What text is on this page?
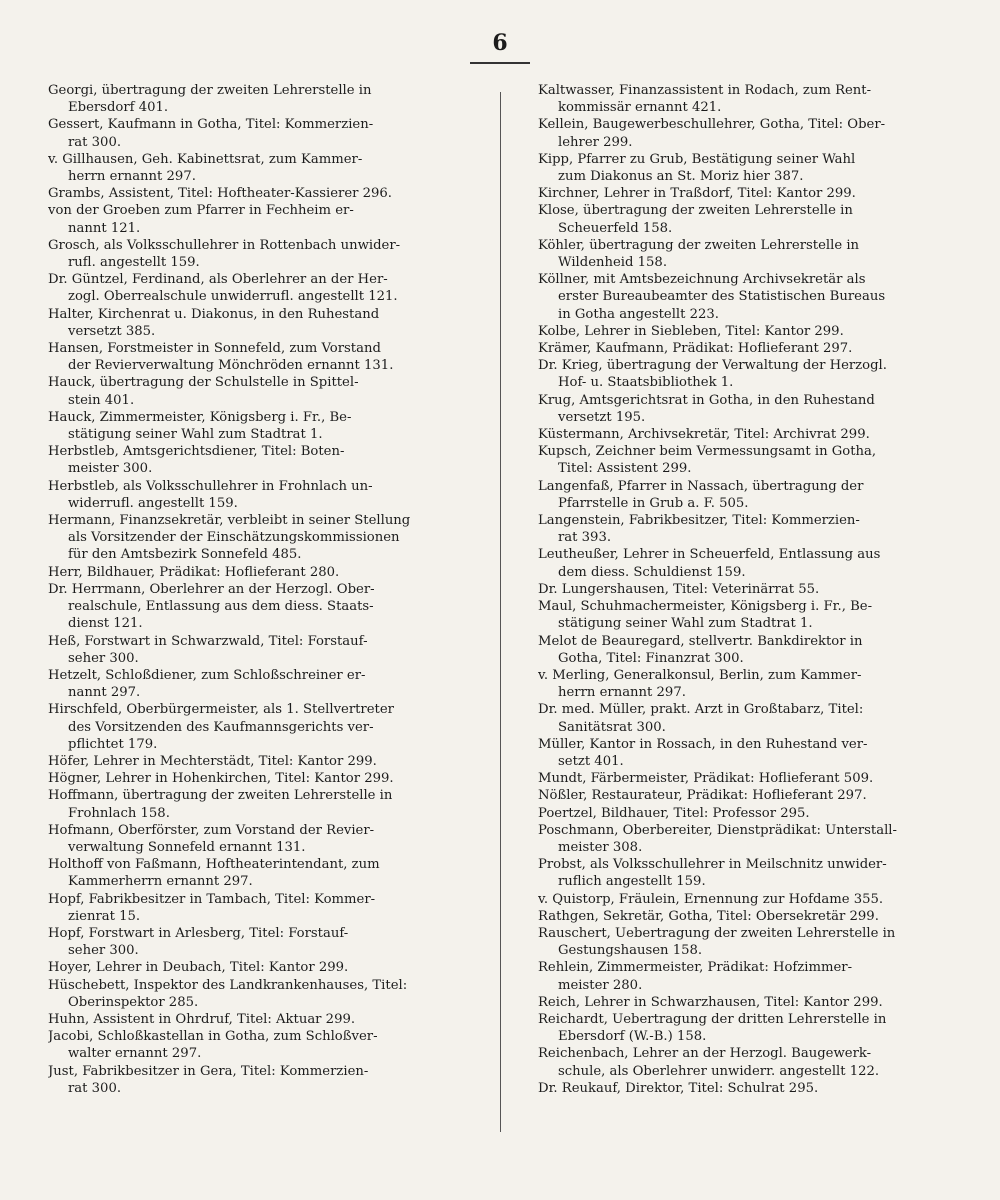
6
Georgi, übertragung der zweiten Lehrerstelle in
Ebersdorf 401.
Gessert, Kaufmann in Gotha, Titel: Kommerzien-
rat 300.
v. Gillhausen, Geh. Kabinettsrat, zum Kammer-
herrn ernannt 297.
Grambs, Assistent, Titel: Hoftheater-Kassierer 296.
von der Groeben zum Pfarrer in Fechheim er-
nannt 121.
Grosch, als Volksschullehrer in Rottenbach unwider-
rufl. angestellt 159.
Dr. Güntzel, Ferdinand, als Oberlehrer an der Her-
zogl. Oberrealschule unwiderrufl. angestellt 121.
Halter, Kirchenrat u. Diakonus, in den Ruhestand
versetzt 385.
Hansen, Forstmeister in Sonnefeld, zum Vorstand
der Revierverwaltung Mönchröden ernannt 131.
Hauck, übertragung der Schulstelle in Spittel-
stein 401.
Hauck, Zimmermeister, Königsberg i. Fr., Be-
stätigung seiner Wahl zum Stadtrat 1.
Herbstleb, Amtsgerichtsdiener, Titel: Boten-
meister 300.
Herbstleb, als Volksschullehrer in Frohnlach un-
widerrufl. angestellt 159.
Hermann, Finanzsekretär, verbleibt in seiner Stellung
als Vorsitzender der Einschätzungskommissionen
für den Amtsbezirk Sonnefeld 485.
Herr, Bildhauer, Prädikat: Hoflieferant 280.
Dr. Herrmann, Oberlehrer an der Herzogl. Ober-
realschule, Entlassung aus dem diess. Staats-
dienst 121.
Heß, Forstwart in Schwarzwald, Titel: Forstauf-
seher 300.
Hetzelt, Schloßdiener, zum Schloßschreiner er-
nannt 297.
Hirschfeld, Oberbürgermeister, als 1. Stellvertreter
des Vorsitzenden des Kaufmannsgerichts ver-
pflichtet 179.
Höfer, Lehrer in Mechterstädt, Titel: Kantor 299.
Högner, Lehrer in Hohenkirchen, Titel: Kantor 299.
Hoffmann, übertragung der zweiten Lehrerstelle in
Frohnlach 158.
Hofmann, Oberförster, zum Vorstand der Revier-
verwaltung Sonnefeld ernannt 131.
Holthoff von Faßmann, Hoftheaterintendant, zum
Kammerherrn ernannt 297.
Hopf, Fabrikbesitzer in Tambach, Titel: Kommer-
zienrat 15.
Hopf, Forstwart in Arlesberg, Titel: Forstauf-
seher 300.
Hoyer, Lehrer in Deubach, Titel: Kantor 299.
Hüschebett, Inspektor des Landkrankenhauses, Titel:
Oberinspektor 285.
Huhn, Assistent in Ohrdruf, Titel: Aktuar 299.
Jacobi, Schloßkastellan in Gotha, zum Schloßver-
walter ernannt 297.
Just, Fabrikbesitzer in Gera, Titel: Kommerzien-
rat 300.
Kaltwasser, Finanzassistent in Rodach, zum Rent-
kommissär ernannt 421.
Kellein, Baugewerbeschullehrer, Gotha, Titel: Ober-
lehrer 299.
Kipp, Pfarrer zu Grub, Bestätigung seiner Wahl
zum Diakonus an St. Moriz hier 387.
Kirchner, Lehrer in Traßdorf, Titel: Kantor 299.
Klose, übertragung der zweiten Lehrerstelle in
Scheuerfeld 158.
Köhler, übertragung der zweiten Lehrerstelle in
Wildenheid 158.
Köllner, mit Amtsbezeichnung Archivsekretär als
erster Bureaubeamter des Statistischen Bureaus
in Gotha angestellt 223.
Kolbe, Lehrer in Siebleben, Titel: Kantor 299.
Krämer, Kaufmann, Prädikat: Hoflieferant 297.
Dr. Krieg, übertragung der Verwaltung der Herzogl.
Hof- u. Staatsbibliothek 1.
Krug, Amtsgerichtsrat in Gotha, in den Ruhestand
versetzt 195.
Küstermann, Archivsekretär, Titel: Archivrat 299.
Kupsch, Zeichner beim Vermessungsamt in Gotha,
Titel: Assistent 299.
Langenfaß, Pfarrer in Nassach, übertragung der
Pfarrstelle in Grub a. F. 505.
Langenstein, Fabrikbesitzer, Titel: Kommerzien-
rat 393.
Leutheußer, Lehrer in Scheuerfeld, Entlassung aus
dem diess. Schuldienst 159.
Dr. Lungershausen, Titel: Veterinärrat 55.
Maul, Schuhmachermeister, Königsberg i. Fr., Be-
stätigung seiner Wahl zum Stadtrat 1.
Melot de Beauregard, stellvertr. Bankdirektor in
Gotha, Titel: Finanzrat 300.
v. Merling, Generalkonsul, Berlin, zum Kammer-
herrn ernannt 297.
Dr. med. Müller, prakt. Arzt in Großtabarz, Titel:
Sanitätsrat 300.
Müller, Kantor in Rossach, in den Ruhestand ver-
setzt 401.
Mundt, Färbermeister, Prädikat: Hoflieferant 509.
Nößler, Restaurateur, Prädikat: Hoflieferant 297.
Poertzel, Bildhauer, Titel: Professor 295.
Poschmann, Oberbereiter, Dienstprädikat: Unterstall-
meister 308.
Probst, als Volksschullehrer in Meilschnitz unwider-
ruflich angestellt 159.
v. Quistorp, Fräulein, Ernennung zur Hofdame 355.
Rathgen, Sekretär, Gotha, Titel: Obersekretär 299.
Rauschert, Uebertragung der zweiten Lehrerstelle in
Gestungshausen 158.
Rehlein, Zimmermeister, Prädikat: Hofzimmer-
meister 280.
Reich, Lehrer in Schwarzhausen, Titel: Kantor 299.
Reichardt, Uebertragung der dritten Lehrerstelle in
Ebersdorf (W.-B.) 158.
Reichenbach, Lehrer an der Herzogl. Baugewerk-
schule, als Oberlehrer unwiderr. angestellt 122.
Dr. Reukauf, Direktor, Titel: Schulrat 295.
